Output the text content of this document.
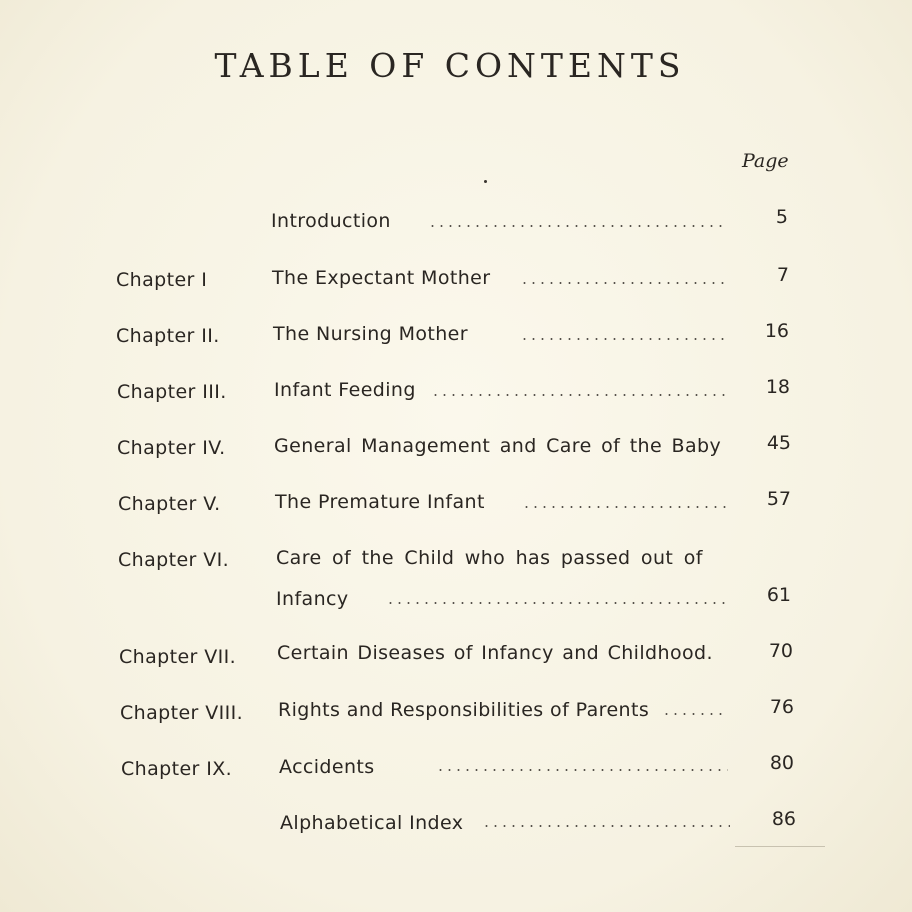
TABLE OF CONTENTS
Page
Introduction	5
Chapter I	The Expectant Mother	7
Chapter II.	The Nursing Mother	16
Chapter III. Infant Feeding	18
Chapter IV.	General Management and Care of the Baby	45
Chapter V.	The Premature Infant	57
Chapter VI. Care of the Child who has passed out of
Infancy	61
Chapter VII. Certain Diseases of Infancy and Childhood.	70
Chapter VIII. Rights and Responsibilities of Parents	76
Chapter IX. Accidents	80
Alphabetical Index	86
